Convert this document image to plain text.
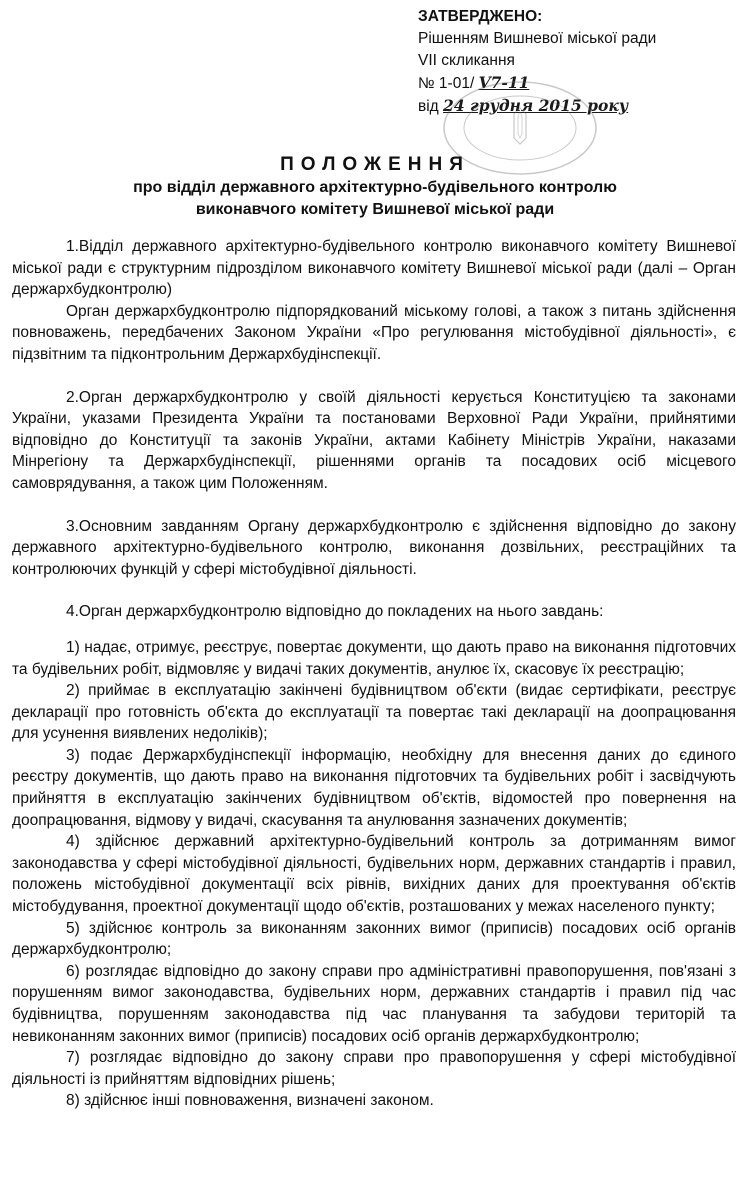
ЗАТВЕРДЖЕНО:
Рішенням Вишневої міської ради
VII скликання
№ 1-01/ V7-11
від 24 грудня 2015 року
ПОЛОЖЕННЯ
про відділ державного архітектурно-будівельного контролю
виконавчого комітету Вишневої міської ради

1.Відділ державного архітектурно-будівельного контролю виконавчого комітету Вишневої міської ради є структурним підрозділом виконавчого комітету Вишневої міської ради (далі – Орган держархбудконтролю)

Орган держархбудконтролю підпорядкований міському голові, а також з питань здійснення повноважень, передбачених Законом України «Про регулювання містобудівної діяльності», є підзвітним та підконтрольним Держархбудінспекції.

2.Орган держархбудконтролю у своїй діяльності керується Конституцією та законами України, указами Президента України та постановами Верховної Ради України, прийнятими відповідно до Конституції та законів України, актами Кабінету Міністрів України, наказами Мінрегіону та Держархбудінспекції, рішеннями органів та посадових осіб місцевого самоврядування, а також цим Положенням.

3.Основним завданням Органу держархбудконтролю є здійснення відповідно до закону державного архітектурно-будівельного контролю, виконання дозвільних, реєстраційних та контролюючих функцій у сфері містобудівної діяльності.

4.Орган держархбудконтролю відповідно до покладених на нього завдань:

1) надає, отримує, реєструє, повертає документи, що дають право на виконання підготовчих та будівельних робіт, відмовляє у видачі таких документів, анулює їх, скасовує їх реєстрацію;

2) приймає в експлуатацію закінчені будівництвом об'єкти (видає сертифікати, реєструє декларації про готовність об'єкта до експлуатації та повертає такі декларації на доопрацювання для усунення виявлених недоліків);

3) подає Держархбудінспекції інформацію, необхідну для внесення даних до єдиного реєстру документів, що дають право на виконання підготовчих та будівельних робіт і засвідчують прийняття в експлуатацію закінчених будівництвом об'єктів, відомостей про повернення на доопрацювання, відмову у видачі, скасування та анулювання зазначених документів;

4) здійснює державний архітектурно-будівельний контроль за дотриманням вимог законодавства у сфері містобудівної діяльності, будівельних норм, державних стандартів і правил, положень містобудівної документації всіх рівнів, вихідних даних для проектування об'єктів містобудування, проектної документації щодо об'єктів, розташованих у межах населеного пункту;

5) здійснює контроль за виконанням законних вимог (приписів) посадових осіб органів держархбудконтролю;

6) розглядає відповідно до закону справи про адміністративні правопорушення, пов'язані з порушенням вимог законодавства, будівельних норм, державних стандартів і правил під час будівництва, порушенням законодавства під час планування та забудови територій та невиконанням законних вимог (приписів) посадових осіб органів держархбудконтролю;

7) розглядає відповідно до закону справи про правопорушення у сфері містобудівної діяльності із прийняттям відповідних рішень;

8) здійснює інші повноваження, визначені законом.
